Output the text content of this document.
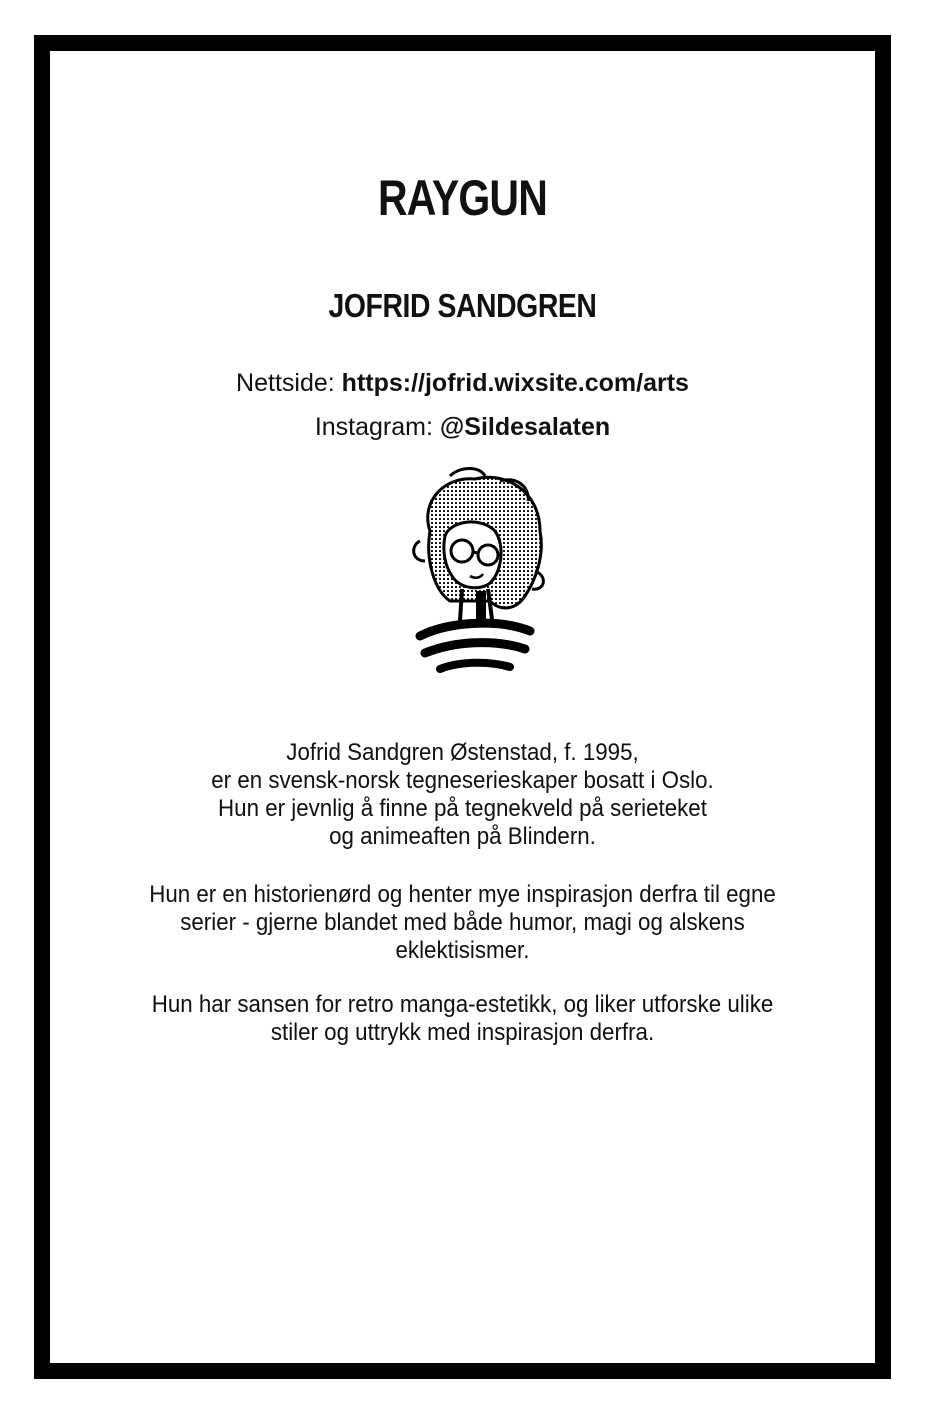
RAYGUN
JOFRID SANDGREN
Nettside: https://jofrid.wixsite.com/arts
Instagram: @Sildesalaten

Jofrid Sandgren Østenstad, f. 1995,

er en svensk-norsk tegneserieskaper bosatt i Oslo.

Hun er jevnlig å finne på tegnekveld på serieteket

og animeaften på Blindern.

Hun er en historienørd og henter mye inspirasjon derfra til egne

serier - gjerne blandet med både humor, magi og alskens

eklektisismer.

Hun har sansen for retro manga-estetikk, og liker utforske ulike

stiler og uttrykk med inspirasjon derfra.
